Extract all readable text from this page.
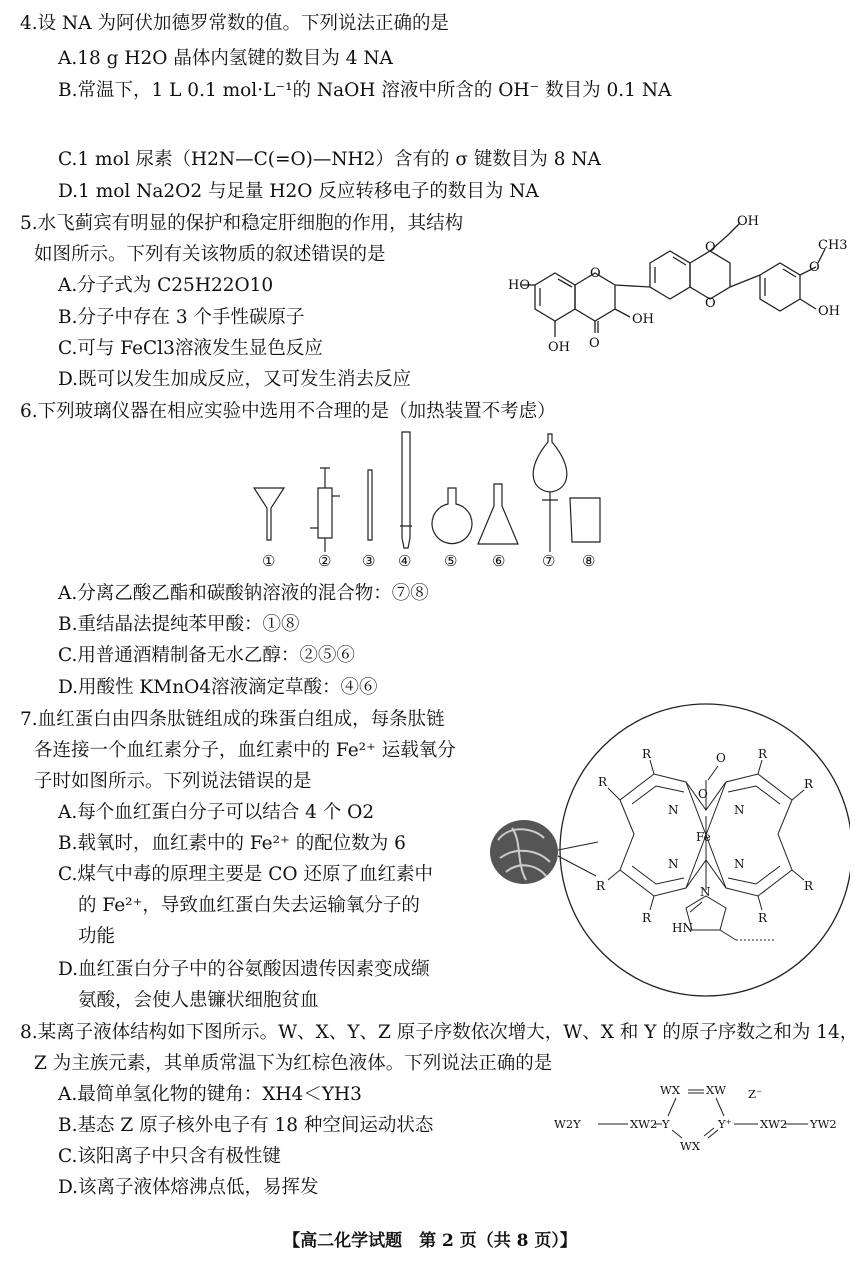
4.设 NA 为阿伏加德罗常数的值。下列说法正确的是
A.18 g H2O 晶体内氢键的数目为 4 NA
B.常温下，1 L 0.1 mol·L⁻¹的 NaOH 溶液中所含的 OH⁻ 数目为 0.1 NA
C.1 mol 尿素（H2N—C(=O)—NH2）含有的 σ 键数目为 8 NA
D.1 mol Na2O2 与足量 H2O 反应转移电子的数目为 NA
5.水飞蓟宾有明显的保护和稳定肝细胞的作用，其结构
如图所示。下列有关该物质的叙述错误的是
A.分子式为 C25H22O10
B.分子中存在 3 个手性碳原子
C.可与 FeCl3溶液发生显色反应
D.既可以发生加成反应，又可发生消去反应
OH
CH3
HO
OH
OH
OH
O
O
O
O
O
6.下列玻璃仪器在相应实验中选用不合理的是（加热装置不考虑）
①	② ③ ④ ⑤ ⑥ ⑦ ⑧
A.分离乙酸乙酯和碳酸钠溶液的混合物：⑦⑧
B.重结晶法提纯苯甲酸：①⑧
C.用普通酒精制备无水乙醇：②⑤⑥
D.用酸性 KMnO4溶液滴定草酸：④⑥
7.血红蛋白由四条肽链组成的珠蛋白组成，每条肽链
各连接一个血红素分子，血红素中的 Fe²⁺ 运载氧分
子时如图所示。下列说法错误的是
A.每个血红蛋白分子可以结合 4 个 O2
B.载氧时，血红素中的 Fe²⁺ 的配位数为 6
C.煤气中毒的原理主要是 CO 还原了血红素中
的 Fe²⁺，导致血红蛋白失去运输氧分子的
功能
D.血红蛋白分子中的谷氨酸因遗传因素变成缬
氨酸，会使人患镰状细胞贫血
O
O
Fe
N	N
N	N
N
HN
R
R	R
R
R
R
R
R
8.某离子液体结构如下图所示。W、X、Y、Z 原子序数依次增大，W、X 和 Y 的原子序数之和为 14，
Z 为主族元素，其单质常温下为红棕色液体。下列说法正确的是
A.最简单氢化物的键角：XH4＜YH3
B.基态 Z 原子核外电子有 18 种空间运动状态
C.该阳离子中只含有极性键
D.该离子液体熔沸点低，易挥发
WX XW Z⁻
W2Y	XW2 Y	Y⁺ XW2 YW2
WX
【高二化学试题　第 2 页（共 8 页）】
